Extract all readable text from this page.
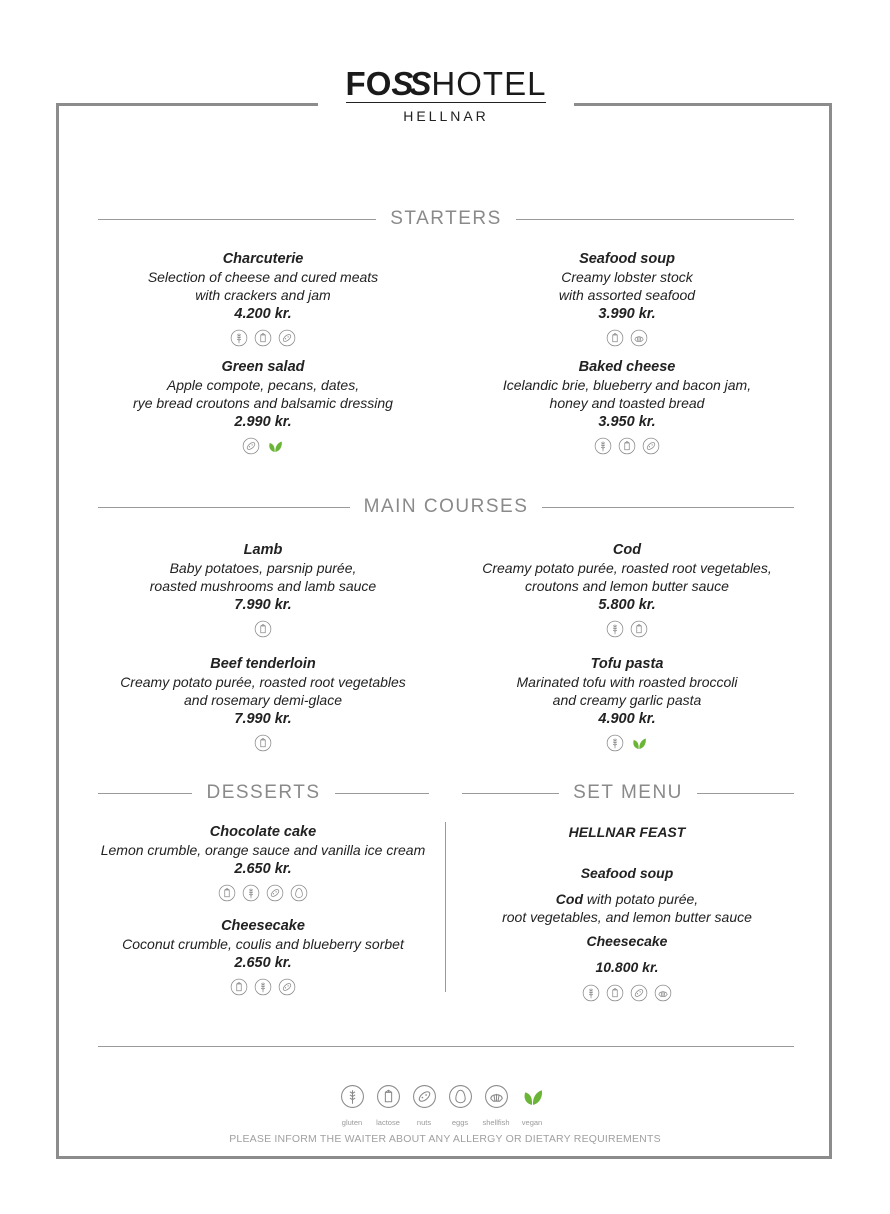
FOSS HOTEL
HELLNAR
STARTERS
Charcuterie
Selection of cheese and cured meats
with crackers and jam
4.200 kr.
Seafood soup
Creamy lobster stock
with assorted seafood
3.990 kr.
Green salad
Apple compote, pecans, dates,
rye bread croutons and balsamic dressing
2.990 kr.
Baked cheese
Icelandic brie, blueberry and bacon jam,
honey and toasted bread
3.950 kr.
MAIN COURSES
Lamb
Baby potatoes, parsnip purée,
roasted mushrooms and lamb sauce
7.990 kr.
Cod
Creamy potato purée, roasted root vegetables,
croutons and lemon butter sauce
5.800 kr.
Beef tenderloin
Creamy potato purée, roasted root vegetables
and rosemary demi-glace
7.990 kr.
Tofu pasta
Marinated tofu with roasted broccoli
and creamy garlic pasta
4.900 kr.
DESSERTS	SET MENU
Chocolate cake
Lemon crumble, orange sauce and vanilla ice cream
2.650 kr.
Cheesecake
Coconut crumble, coulis and blueberry sorbet
2.650 kr.
HELLNAR FEAST
Seafood soup
Cod with potato purée,
root vegetables, and lemon butter sauce
Cheesecake
10.800 kr.
gluten lactose nuts	eggs shellfish vegan
PLEASE INFORM THE WAITER ABOUT ANY ALLERGY OR DIETARY REQUIREMENTS
